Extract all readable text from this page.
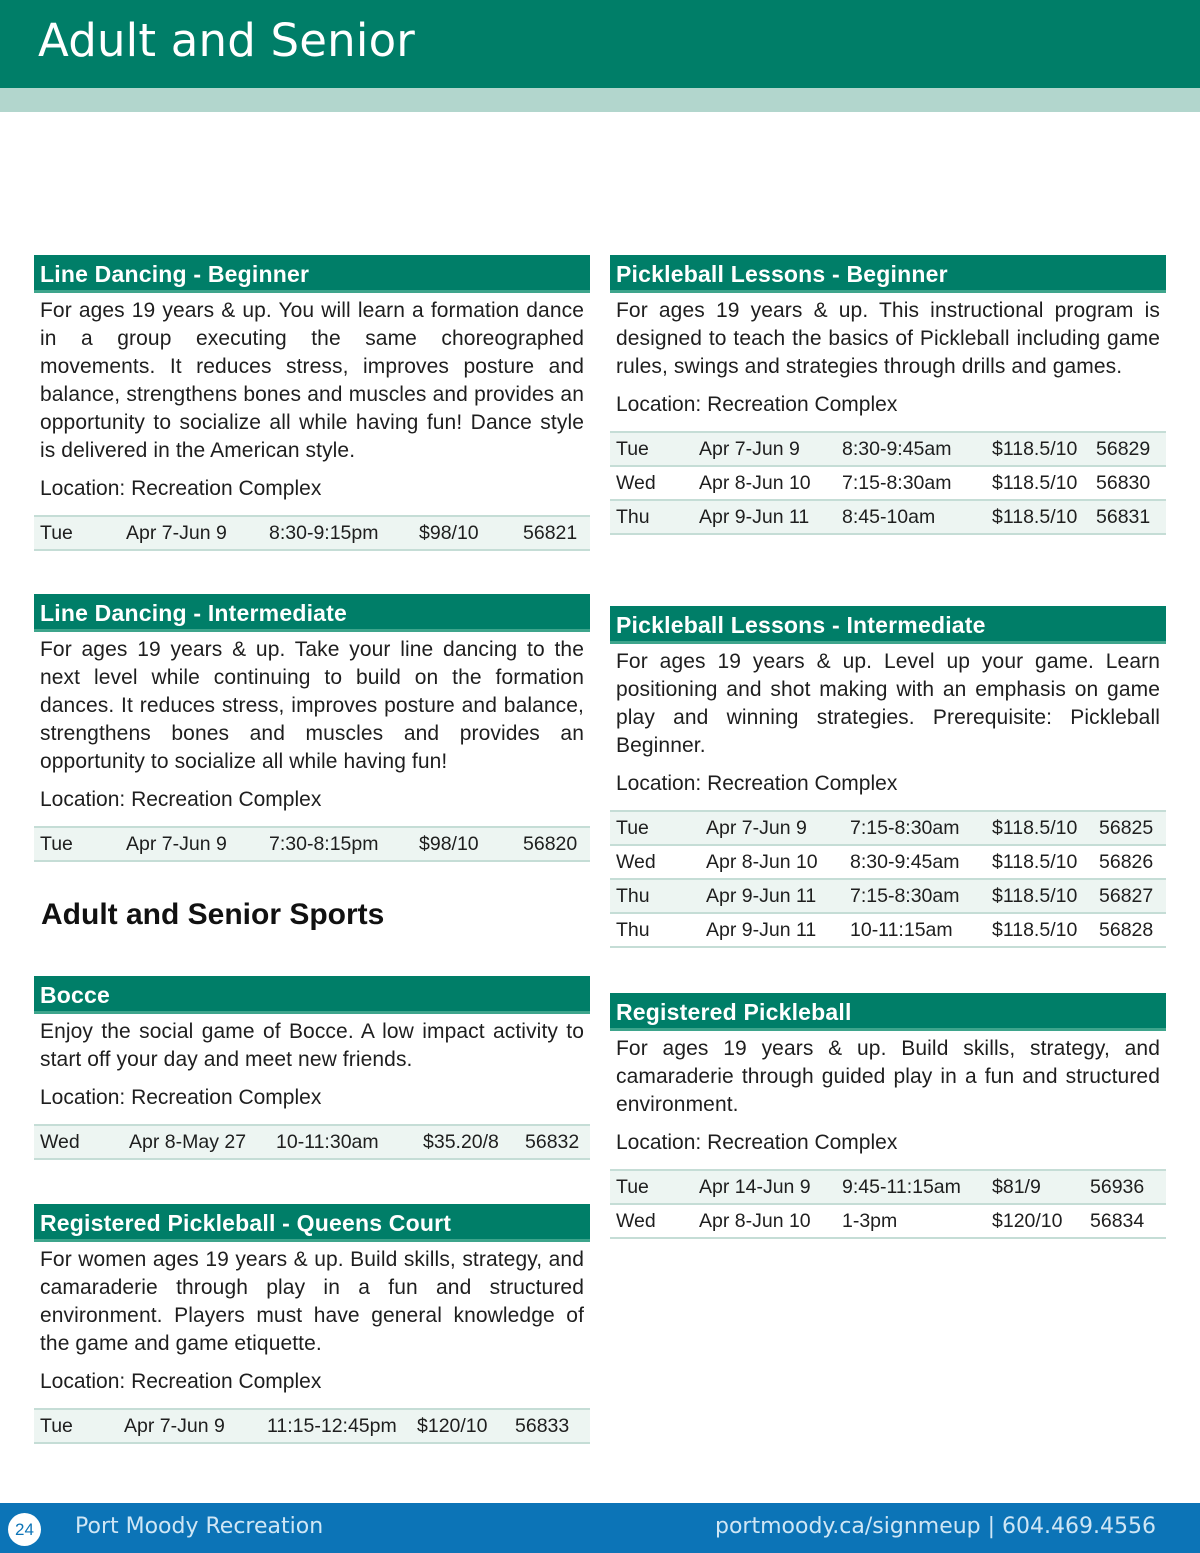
Adult and Senior
Line Dancing - Beginner

For ages 19 years & up. You will learn a formation dance in a group executing the same choreographed movements. It reduces stress, improves posture and balance, strengthens bones and muscles and provides an opportunity to socialize all while having fun! Dance style is delivered in the American style.

Location: Recreation Complex

Tue	Apr 7-Jun 9	8:30-9:15pm	$98/10	56821
Line Dancing - Intermediate

For ages 19 years & up. Take your line dancing to the next level while continuing to build on the formation dances. It reduces stress, improves posture and balance, strengthens bones and muscles and provides an opportunity to socialize all while having fun!

Location: Recreation Complex

Tue	Apr 7-Jun 9	7:30-8:15pm	$98/10	56820
Adult and Senior Sports
Bocce

Enjoy the social game of Bocce. A low impact activity to start off your day and meet new friends.

Location: Recreation Complex

Wed	Apr 8-May 27	10-11:30am	$35.20/8	56832
Registered Pickleball - Queens Court

For women ages 19 years & up. Build skills, strategy, and camaraderie through play in a fun and structured environment. Players must have general knowledge of the game and game etiquette.

Location: Recreation Complex

Tue	Apr 7-Jun 9	11:15-12:45pm	$120/10	56833
Pickleball Lessons - Beginner

For ages 19 years & up. This instructional program is designed to teach the basics of Pickleball including game rules, swings and strategies through drills and games.

Location: Recreation Complex

Tue	Apr 7-Jun 9	8:30-9:45am	$118.5/10	56829
Wed	Apr 8-Jun 10	7:15-8:30am	$118.5/10	56830
Thu	Apr 9-Jun 11	8:45-10am	$118.5/10	56831
Pickleball Lessons - Intermediate

For ages 19 years & up. Level up your game. Learn positioning and shot making with an emphasis on game play and winning strategies. Prerequisite: Pickleball Beginner.

Location: Recreation Complex

Tue	Apr 7-Jun 9	7:15-8:30am	$118.5/10	56825
Wed	Apr 8-Jun 10	8:30-9:45am	$118.5/10	56826
Thu	Apr 9-Jun 11	7:15-8:30am	$118.5/10	56827
Thu	Apr 9-Jun 11	10-11:15am	$118.5/10	56828
Registered Pickleball

For ages 19 years & up. Build skills, strategy, and camaraderie through guided play in a fun and structured environment.

Location: Recreation Complex

Tue	Apr 14-Jun 9	9:45-11:15am	$81/9	56936
Wed	Apr 8-Jun 10	1-3pm	$120/10	56834
24	Port Moody Recreation	portmoody.ca/signmeup | 604.469.4556
